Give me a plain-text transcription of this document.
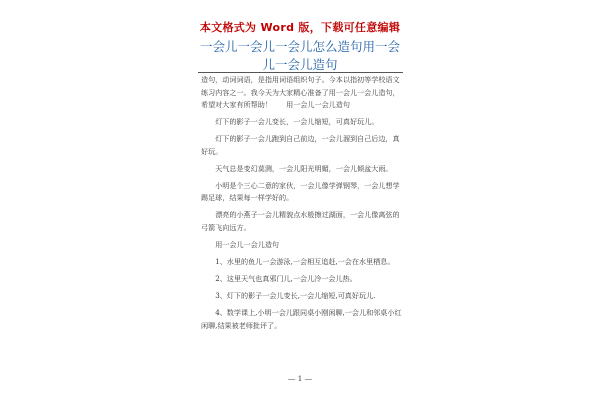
本文格式为 Word 版，下载可任意编辑
一会儿一会儿一会儿怎么造句用一会儿一会儿造句

造句，动词词语，是指用词语组织句子。今本以指初等学校语文练习内容之一。我今天为大家精心准备了用一会儿一会儿造句，希望对大家有所帮助！　　用一会儿一会儿造句

灯下的影子一会儿变长，一会儿缩短，可真好玩儿。

灯下的影子一会儿跑到自己前边，一会儿溜到自己后边，真好玩。

天气总是变幻莫测，一会儿阳光明媚，一会儿倾盆大雨。

小明是个三心二意的家伙，一会儿像学弹钢琴，一会儿想学踢足球，结果每一样学好的。

漂亮的小燕子一会儿精貌点水般擦过湖面，一会儿像离弦的弓箭飞向远方。

用一会儿一会儿造句

1、水里的鱼儿一会游泳,一会相互追赶,一会在水里栖息。

2、这里天气也真邪门儿,一会儿冷一会儿热。

3、灯下的影子一会儿变长,一会儿缩短,可真好玩儿.

4、数学课上,小明一会儿跟同桌小刚闲聊,一会儿和邻桌小红闲聊,结果被老师批评了。

— 1 —
